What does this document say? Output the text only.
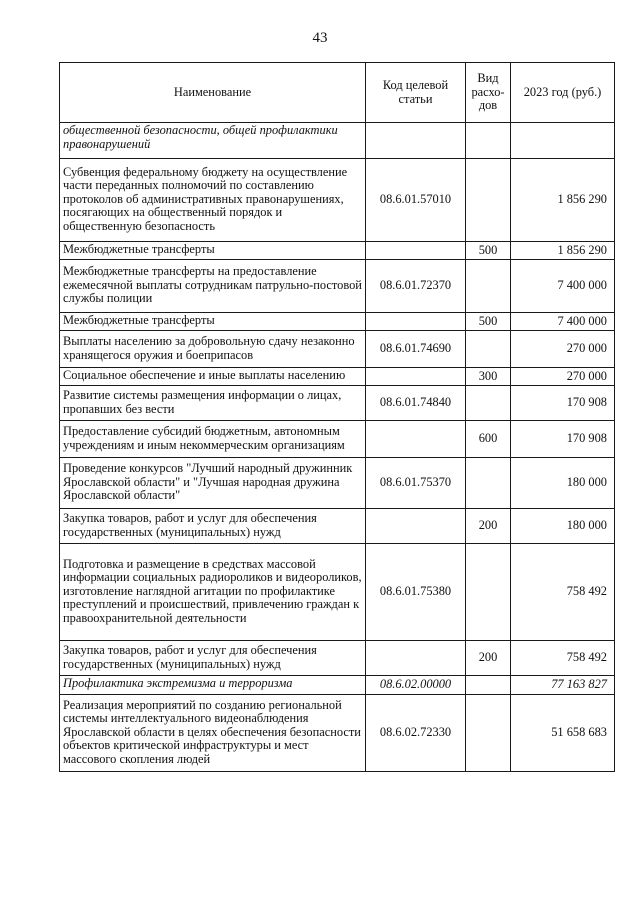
43
Наименование	Код целевой статьи	Вид расхо-дов	2023 год (руб.)
общественной безопасности, общей профилактики правонарушений			
Субвенция федеральному бюджету на осуществление части переданных полномочий по составлению протоколов об административных правонарушениях, посягающих на общественный порядок и общественную безопасность	08.6.01.57010		1 856 290
Межбюджетные трансферты		500	1 856 290
Межбюджетные трансферты на предоставление ежемесячной выплаты сотрудникам патрульно-постовой службы полиции	08.6.01.72370		7 400 000
Межбюджетные трансферты		500	7 400 000
Выплаты населению за добровольную сдачу незаконно хранящегося оружия и боеприпасов	08.6.01.74690		270 000
Социальное обеспечение и иные выплаты населению		300	270 000
Развитие системы размещения информации о лицах, пропавших без вести	08.6.01.74840		170 908
Предоставление субсидий бюджетным, автономным учреждениям и иным некоммерческим организациям		600	170 908
Проведение конкурсов "Лучший народный дружинник Ярославской области" и "Лучшая народная дружина Ярославской области"	08.6.01.75370		180 000
Закупка товаров, работ и услуг для обеспечения государственных (муниципальных) нужд		200	180 000
Подготовка и размещение в средствах массовой информации социальных радиороликов и видеороликов, изготовление наглядной агитации по профилактике преступлений и происшествий, привлечению граждан к правоохранительной деятельности	08.6.01.75380		758 492
Закупка товаров, работ и услуг для обеспечения государственных (муниципальных) нужд		200	758 492
Профилактика экстремизма и терроризма	08.6.02.00000		77 163 827
Реализация мероприятий по созданию региональной системы интеллектуального видеонаблюдения Ярославской области в целях обеспечения безопасности объектов критической инфраструктуры и мест массового скопления людей	08.6.02.72330		51 658 683
